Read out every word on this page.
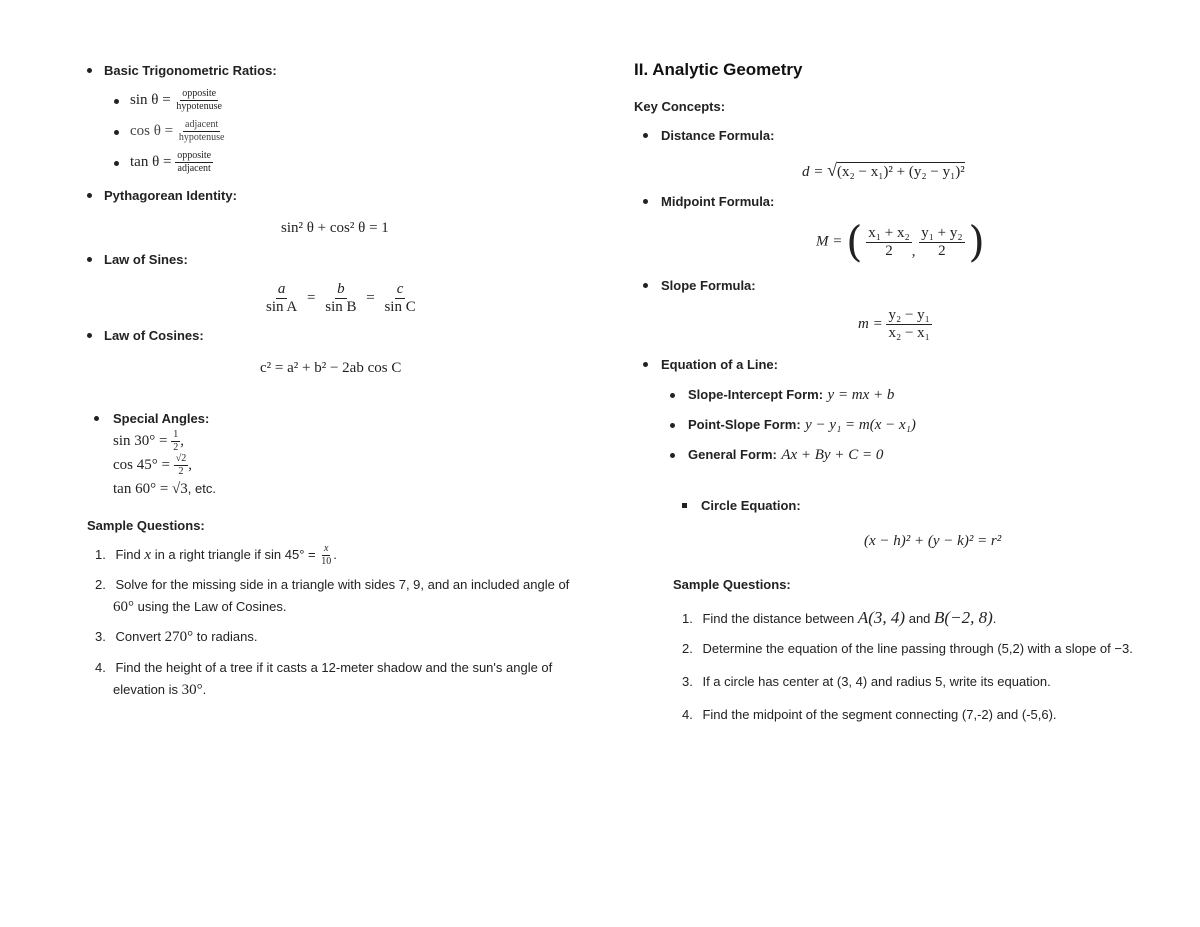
Basic Trigonometric Ratios:
$\sin \theta = \frac{\text{opposite}}{\text{hypotenuse}}$
$\cos \theta = \frac{\text{adjacent}}{\text{hypotenuse}}$
$\tan \theta = \frac{\text{opposite}}{\text{adjacent}}$
Pythagorean Identity:
sin² θ + cos² θ = 1
Law of Sines:
$\frac{a}{\text{sin A}} = \frac{b}{\text{sin B}} = \frac{c}{\text{sin C}}$
Law of Cosines:
c² = a² + b² − 2ab cos C
Special Angles:
$\sin 30^\circ = \frac{1}{2}$ ,
$\cos 45^\circ = \frac{√2}{2}$ ,
tan 60° = √3, etc.
Sample Questions:
1. Find x in a right triangle if $\sin 45^\circ = \frac{x}{10}$ .
2. Solve for the missing side in a triangle with sides 7, 9, and an included angle of
60° using the Law of Cosines.
3. Convert 270° to radians.
4. Find the height of a tree if it casts a 12-meter shadow and the sun's angle of
elevation is 30°.
II. Analytic Geometry
Key Concepts:
Distance Formula:
d = √(x₂ − x₁)² + (y₂ − y₁)²
Midpoint Formula:
M = ( $\frac{\text{x₁ + x₂}}{2}$ , $\frac{\text{y₁ + y₂}}{2}$ )
Slope Formula:
$m = \frac{\text{y₂ − y₁}}{\text{x₂ − x₁}}$
Equation of a Line:
Slope-Intercept Form: y = mx + b
Point-Slope Form: y − y₁ = m(x − x₁)
General Form: Ax + By + C = 0
Circle Equation:
(x − h)² + (y − k)² = r²
Sample Questions:
1. Find the distance between A(3, 4) and B(−2, 8).
2. Determine the equation of the line passing through (5,2) with a slope of −3.
3. If a circle has center at (3, 4) and radius 5, write its equation.
4. Find the midpoint of the segment connecting (7,-2) and (-5,6).
